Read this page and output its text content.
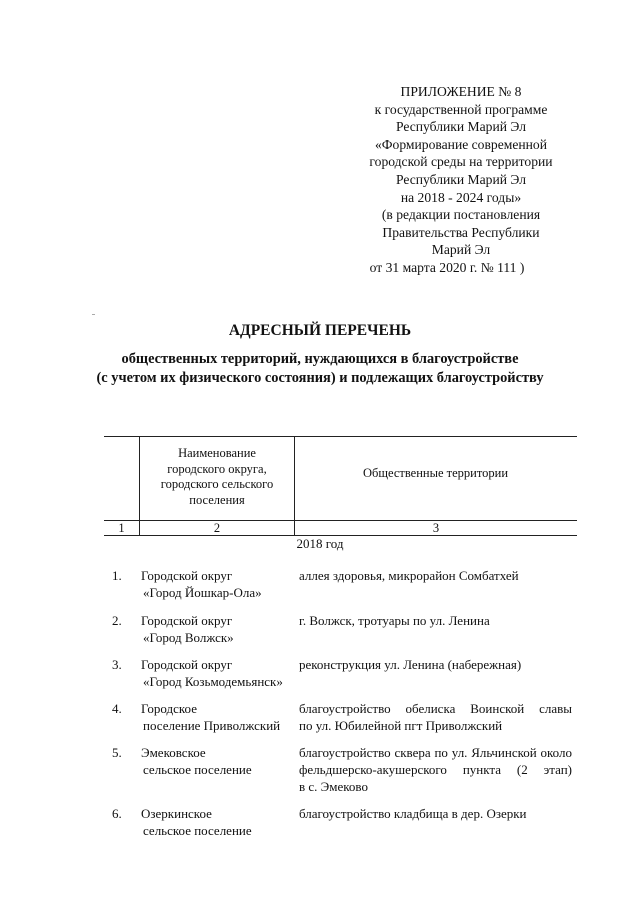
ПРИЛОЖЕНИЕ № 8
к государственной программе
Республики Марий Эл
«Формирование современной
городской среды на территории
Республики Марий Эл
на 2018 - 2024 годы»
(в редакции постановления
Правительства Республики
Марий Эл
от 31 марта 2020 г. № 111 )
АДРЕСНЫЙ ПЕРЕЧЕНЬ
общественных территорий, нуждающихся в благоустройстве
(с учетом их физического состояния) и подлежащих благоустройству
Наименование
городского округа,
городского сельского
поселения
Общественные территории
1	2	3
2018 год
1. Городской округ
«Город Йошкар-Ола»
аллея здоровья, микрорайон Сомбатхей
2. Городской округ
«Город Волжск»
г. Волжск, тротуары по ул. Ленина
3. Городской округ
«Город Козьмодемьянск»
реконструкция ул. Ленина (набережная)
4. Городское
поселение Приволжский
благоустройство обелиска Воинской славы
по ул. Юбилейной пгт Приволжский
5. Эмековское
сельское поселение
благоустройство сквера по ул. Яльчинской около
фельдшерско-акушерского пункта (2 этап)
в с. Эмеково
6. Озеркинское
сельское поселение
благоустройство кладбища в дер. Озерки
